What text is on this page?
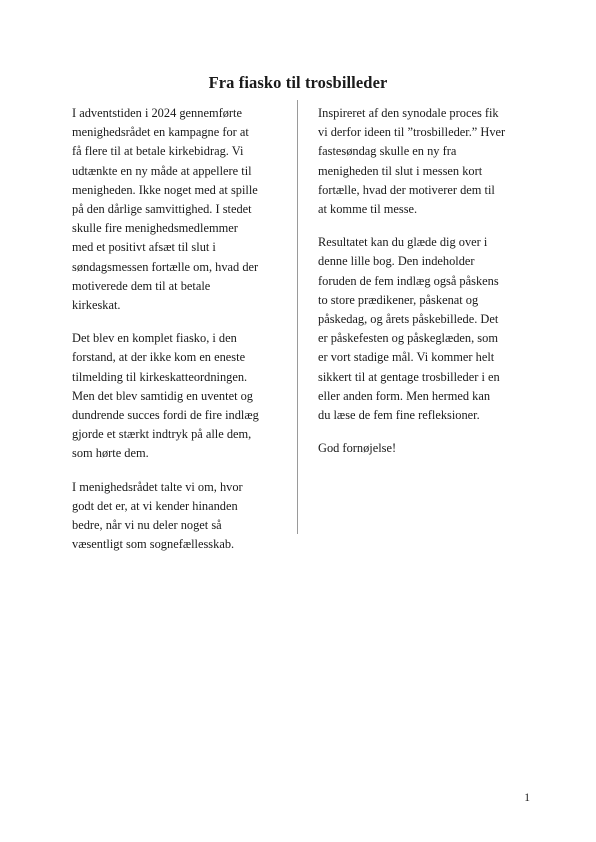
Fra fiasko til trosbilleder

I adventstiden i 2024 gennemførte
menighedsrådet en kampagne for at
få flere til at betale kirkebidrag. Vi
udtænkte en ny måde at appellere til
menigheden. Ikke noget med at spille
på den dårlige samvittighed. I stedet
skulle fire menighedsmedlemmer
med et positivt afsæt til slut i
søndagsmessen fortælle om, hvad der
motiverede dem til at betale
kirkeskat.

Det blev en komplet fiasko, i den
forstand, at der ikke kom en eneste
tilmelding til kirkeskatteordningen.
Men det blev samtidig en uventet og
dundrende succes fordi de fire indlæg
gjorde et stærkt indtryk på alle dem,
som hørte dem.

I menighedsrådet talte vi om, hvor
godt det er, at vi kender hinanden
bedre, når vi nu deler noget så
væsentligt som sognefællesskab.

Inspireret af den synodale proces fik
vi derfor ideen til ”trosbilleder.” Hver
fastesøndag skulle en ny fra
menigheden til slut i messen kort
fortælle, hvad der motiverer dem til
at komme til messe.

Resultatet kan du glæde dig over i
denne lille bog. Den indeholder
foruden de fem indlæg også påskens
to store prædikener, påskenat og
påskedag, og årets påskebillede. Det
er påskefesten og påskeglæden, som
er vort stadige mål. Vi kommer helt
sikkert til at gentage trosbilleder i en
eller anden form. Men hermed kan
du læse de fem fine refleksioner.

God fornøjelse!

1
